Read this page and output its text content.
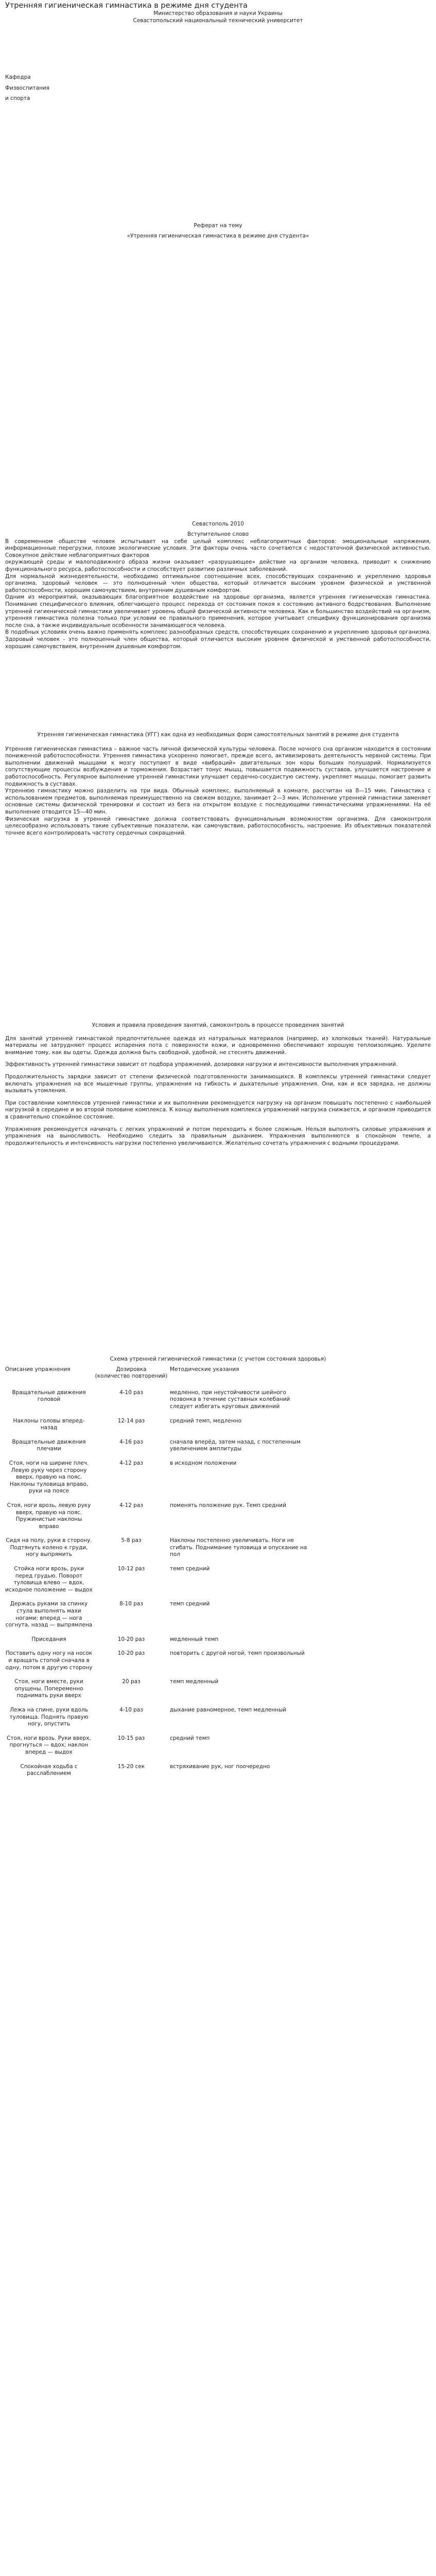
Утренняя гигиеническая гимнастика в режиме дня студента

Министерство образования и науки Украины

Севастопольский национальный технический университет

Кафедра

Физвоспитания

и спорта

Реферат на тему

«Утренняя гигиеническая гимнастика в режиме дня студента»

Севастополь 2010

Вступительное слово

В современном обществе человек испытывает на себе целый комплекс неблагоприятных факторов: эмоциональные напряжения, информационные перегрузки, плохие экологические условия. Эти факторы очень часто сочетаются с недостаточной физической активностью. Совокупное действие неблагоприятных факторов

окружающей среды и малоподвижного образа жизни оказывает «разрушающее» действие на организм человека, приводит к снижению функционального ресурса, работоспособности и способствует развитию различных заболеваний.

Для нормальной жизнедеятельности, необходимо оптимальное соотношение всех, способствующих сохранению и укреплению здоровья организма, здоровый человек — это полноценный член общества, который отличается высоким уровнем физической и умственной работоспособности, хорошим самочувствием, внутренним душевным комфортом.

Одним из мероприятий, оказывающих благоприятное воздействие на здоровье организма, является утренняя гигиеническая гимнастика. Понимание специфического влияния, облегчающего процесс перехода от состояния покоя к состоянию активного бодрствования. Выполнение утренней гигиенической гимнастики увеличивает уровень общей физической активности человека. Как и большинство воздействий на организм, утренняя гимнастика полезна только при условии ее правильного применения, которое учитывает специфику функционирования организма после сна, а также индивидуальные особенности занимающегося человека.

В подобных условиях очень важно применять комплекс разнообразных средств, способствующих сохранению и укреплению здоровья организма. Здоровый человек - это полноценный член общества, который отличается высоким уровнем физической и умственной работоспособности, хорошим самочувствием, внутренним душевным комфортом.

Утренняя гигиеническая гимнастика (УГГ) как одна из необходимых форм самостоятельных занятий в режиме дня студента

Утренняя гигиеническая гимнастика – важное часть личной физической культуры человека. После ночного сна организм находится в состоянии пониженной работоспособности. Утренняя гимнастика ускоренно помогает, прежде всего, активизировать деятельность нервной системы. При выполнении движений мышцами к мозгу поступают в виде «вибраций» двигательных зон коры больших полушарий. Нормализуется сопутствующие процессы возбуждения и торможения. Возрастает тонус мышц, повышается подвижность суставов, улучшается настроение и работоспособность. Регулярное выполнение утренней гимнастики улучшает сердечно-сосудистую систему, укрепляет мышцы, помогает развить подвижность в суставах.

Утреннюю гимнастику можно разделить на три вида. Обычный комплекс, выполняемый в комнате, рассчитан на 8—15 мин. Гимнастика с использованием предметов, выполняемая преимущественно на свежем воздухе, занимает 2—3 мин. Исполнение утренней гимнастики заменяет основные системы физической тренировки и состоит из бега на открытом воздухе с последующими гимнастическими упражнениями. На её выполнение отводится 15—40 мин.

Физическая нагрузка в утренней гимнастике должна соответствовать функциональным возможностям организма. Для самоконтроля целесообразно использовать такие субъективные показатели, как самочувствие, работоспособность, настроение. Из объективных показателей точнее всего контролировать частоту сердечных сокращений.

Условия и правила проведения занятий, самоконтроль в процессе проведения занятий

Для занятий утренней гимнастикой предпочтительнее одежда из натуральных материалов (например, из хлопковых тканей). Натуральные материалы не затрудняют процесс испарения пота с поверхности кожи, и одновременно обеспечивают хорошую теплоизоляцию. Уделите внимание тому, как вы одеты. Одежда должна быть свободной, удобной, не стеснять движений.

Эффективность утренней гимнастики зависит от подбора упражнений, дозировки нагрузки и интенсивности выполнения упражнений.

Продолжительность зарядки зависит от степени физической подготовленности занимающихся. В комплексы утренней гимнастики следует включать упражнения на все мышечные группы, упражнения на гибкость и дыхательные упражнения. Они, как и вся зарядка, не должны вызывать утомления.

При составлении комплексов утренней гимнастики и их выполнении рекомендуется нагрузку на организм повышать постепенно с наибольшей нагрузкой в середине и во второй половине комплекса. К концу выполнения комплекса упражнений нагрузка снижается, и организм приводится в сравнительно спокойное состояние.

Упражнения рекомендуется начинать с легких упражнений и потом переходить к более сложным. Нельзя выполнять силовые упражнения и упражнения на выносливость. Необходимо следить за правильным дыханием. Упражнения выполняются в спокойном темпе, а продолжительность и интенсивность нагрузки постепенно увеличиваются. Желательно сочетать упражнения с водными процедурами.

Схема утренней гигиенической гимнастики (с учетом состояния здоровья)

Описание упражнения	Дозировка	Методические указания
	(количество повторений)	
Вращательные движения головой	4-10 раз	медленно, при неустойчивости шейного позвонка в течение суставных колебаний следует избегать круговых движений
Наклоны головы вперед-назад	12-14 раз	средний темп, медленно
Вращательные движения плечами	4-16 раз	сначала вперёд, затем назад, с постепенным увеличением амплитуды
Стоя, ноги на ширине плеч. Левую руку через сторону вверх, правую на пояс. Наклоны туловища вправо, руки на поясе	4-12 раз	в исходном положении
Стоя, ноги врозь, левую руку вверх, правую на пояс. Пружинистые наклоны вправо	4-12 раз	поменять положение рук. Темп средний
Сидя на полу, руки в сторону. Подтянуть колено к груди, ногу выпрямить	5-8 раз	Наклоны постепенно увеличивать. Ноги не сгибать. Поднимание туловища и опускание на пол
Стойка ноги врозь, руки перед грудью. Поворот туловища влево — вдох, исходное положение — выдох	10-12 раз	темп средний
Держась руками за спинку стула выполнять махи ногами: вперед — нога согнута, назад — выпрямлена	8-10 раз	темп средний
Приседания	10-20 раз	медленный темп
Поставить одну ногу на носок и вращать стопой сначала в одну, потом в другую сторону	10-20 раз	повторить с другой ногой, темп произвольный
Стоя, ноги вместе, руки опущены. Попеременно поднимать руки вверх	20 раз	темп медленный
Лежа на спине, руки вдоль туловища. Поднять правую ногу, опустить	4-10 раз	дыхание равномерное, темп медленный
Стоя, ноги врозь. Руки вверх, прогнуться — вдох; наклон вперед — выдох	10-15 раз	средний темп
Спокойная ходьба с расслаблением	15-20 сек	встряхивание рук, ног поочередно
